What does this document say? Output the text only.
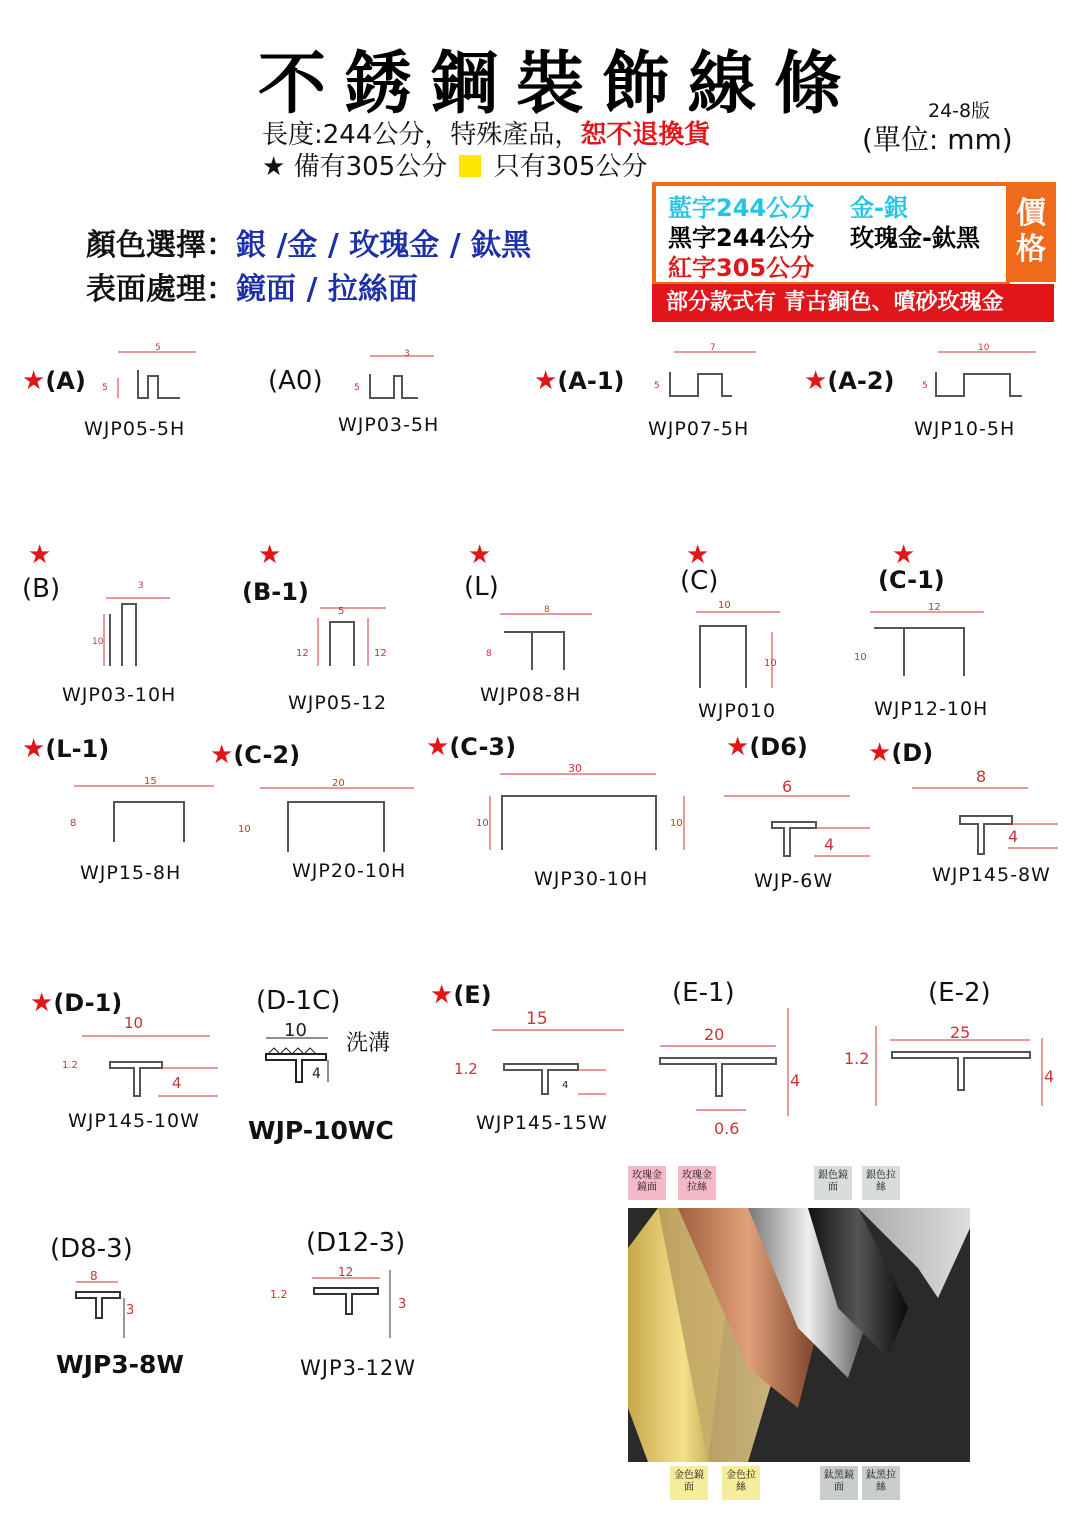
不銹鋼裝飾線條	24-8版
(單位: mm)
長度:244公分，特殊產品，恕不退換貨
★ 備有305公分 只有305公分
顏色選擇：銀 /金 / 玫瑰金 / 鈦黑
表面處理：鏡面 / 拉絲面
藍字244公分 金-銀
黑字244公分 玫瑰金-鈦黑
紅字305公分
價格
部分款式有 青古銅色、噴砂玫瑰金
★(A)
WJP05-5H
5
5	(A0)
WJP03-5H
3
5	★(A-1)
WJP07-5H
7
5	★(A-2)
WJP10-5H
10
5
★
(B)
WJP03-10H
3
10
★
(B-1)
WJP05-12
5
12	12
★
(L)
WJP08-8H
8
8
★
(C)
WJP010
10
10
★
(C-1)
WJP12-10H
12
10
★(L-1)
WJP15-8H
15
8
★(C-2)
WJP20-10H
20
10
★(C-3)
WJP30-10H
30
10	10
★(D6)
WJP-6W
6
4
★(D)
WJP145-8W
8
4
★(D-1)
WJP145-10W
10
1.2
4
(D-1C)
WJP-10WC
洗溝
10
4
★(E)
WJP145-15W
15
1.2
4
(E-1)
20
4
0.6
(E-2)
25
1.2
4
(D8-3)
WJP3-8W
8
3
(D12-3)
WJP3-12W
12
1.2
3
玫瑰金鏡面
玫瑰金拉絲
銀色鏡面
銀色拉絲
金色鏡面
金色拉絲
鈦黑鏡面
鈦黑拉絲
